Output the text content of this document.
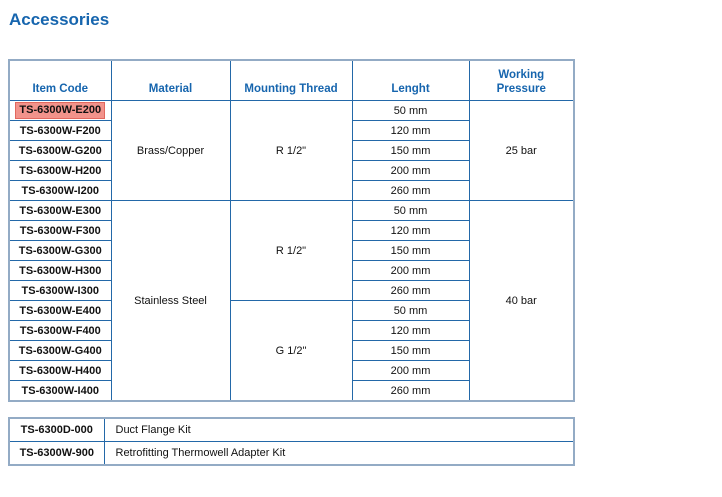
Accessories
Item Code	Material	Mounting Thread	Lenght	Working Pressure
TS-6300W-E200	Brass/Copper	R 1/2"	50 mm	25 bar
TS-6300W-F200			120 mm	
TS-6300W-G200			150 mm	
TS-6300W-H200			200 mm	
TS-6300W-I200			260 mm	
TS-6300W-E300	Stainless Steel	R 1/2"	50 mm	40 bar
TS-6300W-F300			120 mm	
TS-6300W-G300			150 mm	
TS-6300W-H300			200 mm	
TS-6300W-I300			260 mm	
TS-6300W-E400		G 1/2"	50 mm	
TS-6300W-F400			120 mm	
TS-6300W-G400			150 mm	
TS-6300W-H400			200 mm	
TS-6300W-I400			260 mm	
TS-6300D-000	Duct Flange Kit
TS-6300W-900	Retrofitting Thermowell Adapter Kit
